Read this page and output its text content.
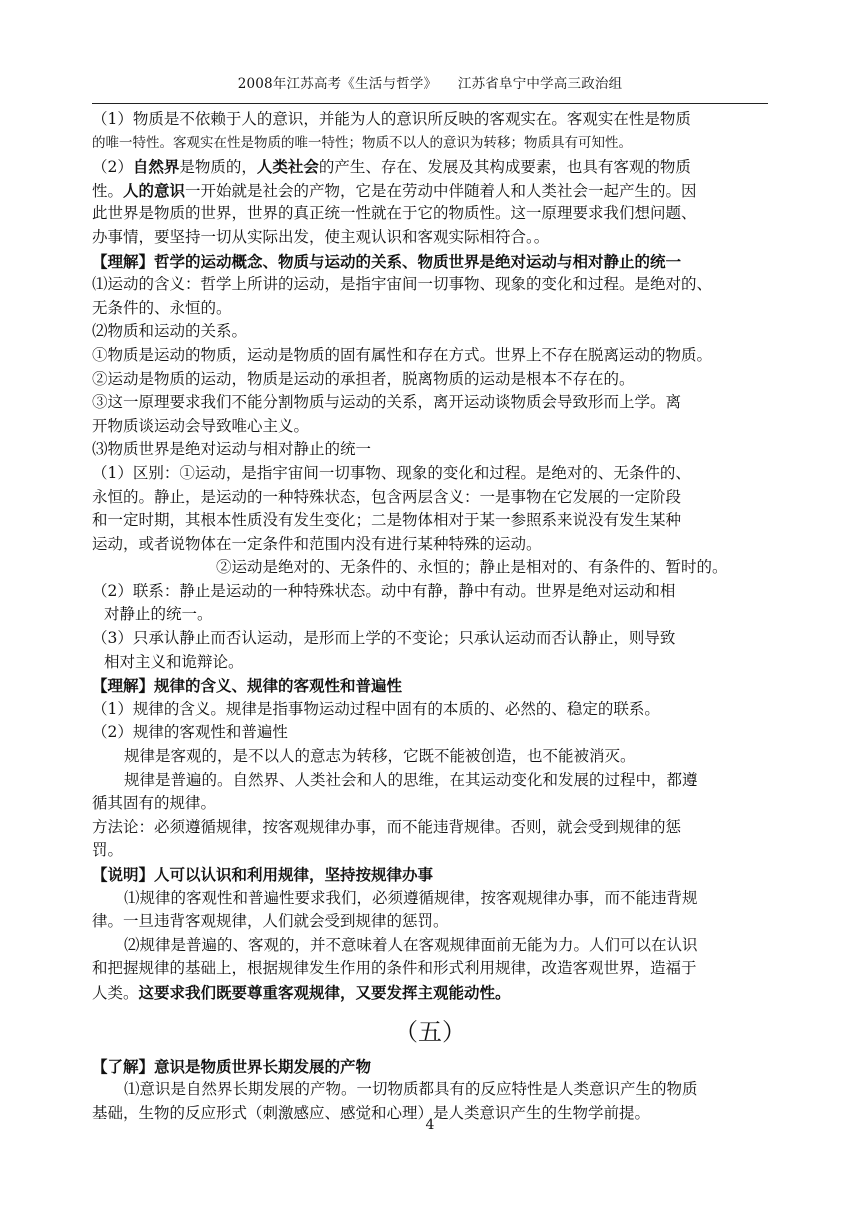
2008年江苏高考《生活与哲学》　　江苏省阜宁中学高三政治组
（1）物质是不依赖于人的意识，并能为人的意识所反映的客观实在。客观实在性是物质
的唯一特性。客观实在性是物质的唯一特性；物质不以人的意识为转移；物质具有可知性。
（2）自然界是物质的，人类社会的产生、存在、发展及其构成要素，也具有客观的物质
性。人的意识一开始就是社会的产物，它是在劳动中伴随着人和人类社会一起产生的。因
此世界是物质的世界，世界的真正统一性就在于它的物质性。这一原理要求我们想问题、
办事情，要坚持一切从实际出发，使主观认识和客观实际相符合。。
【理解】哲学的运动概念、物质与运动的关系、物质世界是绝对运动与相对静止的统一
⑴运动的含义：哲学上所讲的运动，是指宇宙间一切事物、现象的变化和过程。是绝对的、
无条件的、永恒的。
⑵物质和运动的关系。
①物质是运动的物质，运动是物质的固有属性和存在方式。世界上不存在脱离运动的物质。
②运动是物质的运动，物质是运动的承担者，脱离物质的运动是根本不存在的。
③这一原理要求我们不能分割物质与运动的关系，离开运动谈物质会导致形而上学。离
开物质谈运动会导致唯心主义。
⑶物质世界是绝对运动与相对静止的统一
（1）区别：①运动，是指宇宙间一切事物、现象的变化和过程。是绝对的、无条件的、
永恒的。静止，是运动的一种特殊状态，包含两层含义：一是事物在它发展的一定阶段
和一定时期，其根本性质没有发生变化；二是物体相对于某一参照系来说没有发生某种
运动，或者说物体在一定条件和范围内没有进行某种特殊的运动。
②运动是绝对的、无条件的、永恒的；静止是相对的、有条件的、暂时的。
（2）联系：静止是运动的一种特殊状态。动中有静，静中有动。世界是绝对运动和相
对静止的统一。
（3）只承认静止而否认运动，是形而上学的不变论；只承认运动而否认静止，则导致
相对主义和诡辩论。
【理解】规律的含义、规律的客观性和普遍性
（1）规律的含义。规律是指事物运动过程中固有的本质的、必然的、稳定的联系。
（2）规律的客观性和普遍性
规律是客观的，是不以人的意志为转移，它既不能被创造，也不能被消灭。
规律是普遍的。自然界、人类社会和人的思维，在其运动变化和发展的过程中，都遵
循其固有的规律。
方法论：必须遵循规律，按客观规律办事，而不能违背规律。否则，就会受到规律的惩
罚。
【说明】人可以认识和利用规律，坚持按规律办事
⑴规律的客观性和普遍性要求我们，必须遵循规律，按客观规律办事，而不能违背规
律。一旦违背客观规律，人们就会受到规律的惩罚。
⑵规律是普遍的、客观的，并不意味着人在客观规律面前无能为力。人们可以在认识
和把握规律的基础上，根据规律发生作用的条件和形式利用规律，改造客观世界，造福于
人类。这要求我们既要尊重客观规律，又要发挥主观能动性。
（五）
【了解】意识是物质世界长期发展的产物
⑴意识是自然界长期发展的产物。一切物质都具有的反应特性是人类意识产生的物质
基础，生物的反应形式（刺激感应、感觉和心理）是人类意识产生的生物学前提。
4
